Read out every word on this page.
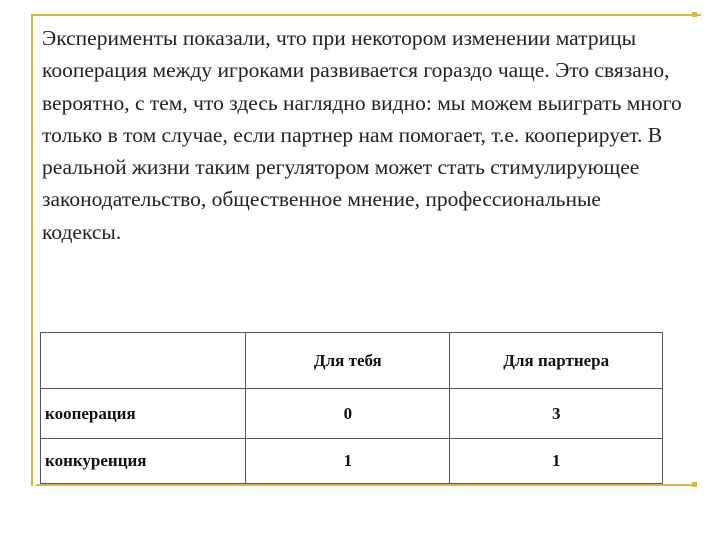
Эксперименты показали, что при некотором изменении матрицы кооперация между игроками развивается гораздо чаще. Это связано, вероятно, с тем, что здесь наглядно видно: мы можем выиграть много только в том случае, если партнер нам помогает, т.е. кооперирует. В реальной жизни таким регулятором может стать стимулирующее законодательство, общественное мнение, профессиональные кодексы.

	Для тебя	Для партнера
кооперация	0	3
конкуренция	1	1
